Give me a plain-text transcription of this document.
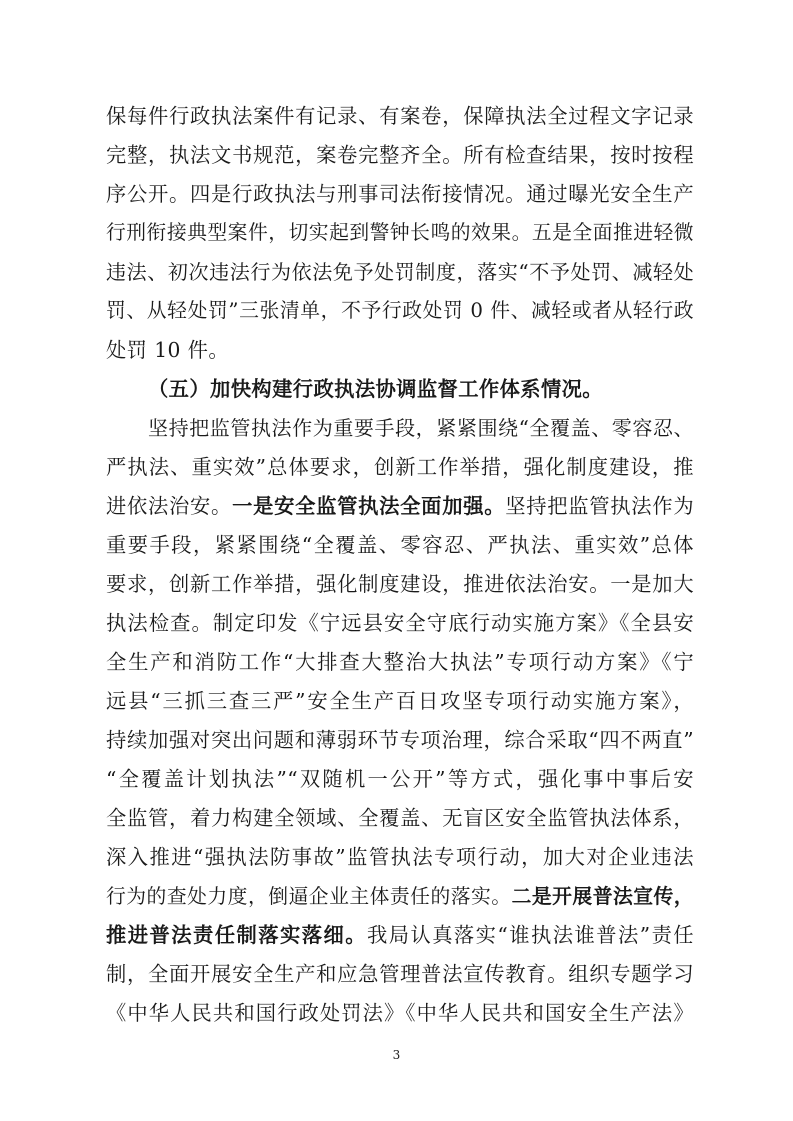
保每件行政执法案件有记录、有案卷，保障执法全过程文字记录
完整，执法文书规范，案卷完整齐全。所有检查结果，按时按程
序公开。四是行政执法与刑事司法衔接情况。通过曝光安全生产
行刑衔接典型案件，切实起到警钟长鸣的效果。五是全面推进轻微
违法、初次违法行为依法免予处罚制度，落实“不予处罚、减轻处
罚、从轻处罚”三张清单，不予行政处罚 0 件、减轻或者从轻行政
处罚 10 件。
（五）加快构建行政执法协调监督工作体系情况。
坚持把监管执法作为重要手段，紧紧围绕“全覆盖、零容忍、
严执法、重实效”总体要求，创新工作举措，强化制度建设，推
进依法治安。一是安全监管执法全面加强。坚持把监管执法作为
重要手段，紧紧围绕“全覆盖、零容忍、严执法、重实效”总体
要求，创新工作举措，强化制度建设，推进依法治安。一是加大
执法检查。制定印发《宁远县安全守底行动实施方案》《全县安
全生产和消防工作“大排查大整治大执法”专项行动方案》《宁
远县“三抓三查三严”安全生产百日攻坚专项行动实施方案》，
持续加强对突出问题和薄弱环节专项治理，综合采取“四不两直”
“全覆盖计划执法”“双随机一公开”等方式，强化事中事后安
全监管，着力构建全领域、全覆盖、无盲区安全监管执法体系，
深入推进“强执法防事故”监管执法专项行动，加大对企业违法
行为的查处力度，倒逼企业主体责任的落实。二是开展普法宣传，
推进普法责任制落实落细。我局认真落实“谁执法谁普法”责任
制，全面开展安全生产和应急管理普法宣传教育。组织专题学习
《中华人民共和国行政处罚法》《中华人民共和国安全生产法》
3
